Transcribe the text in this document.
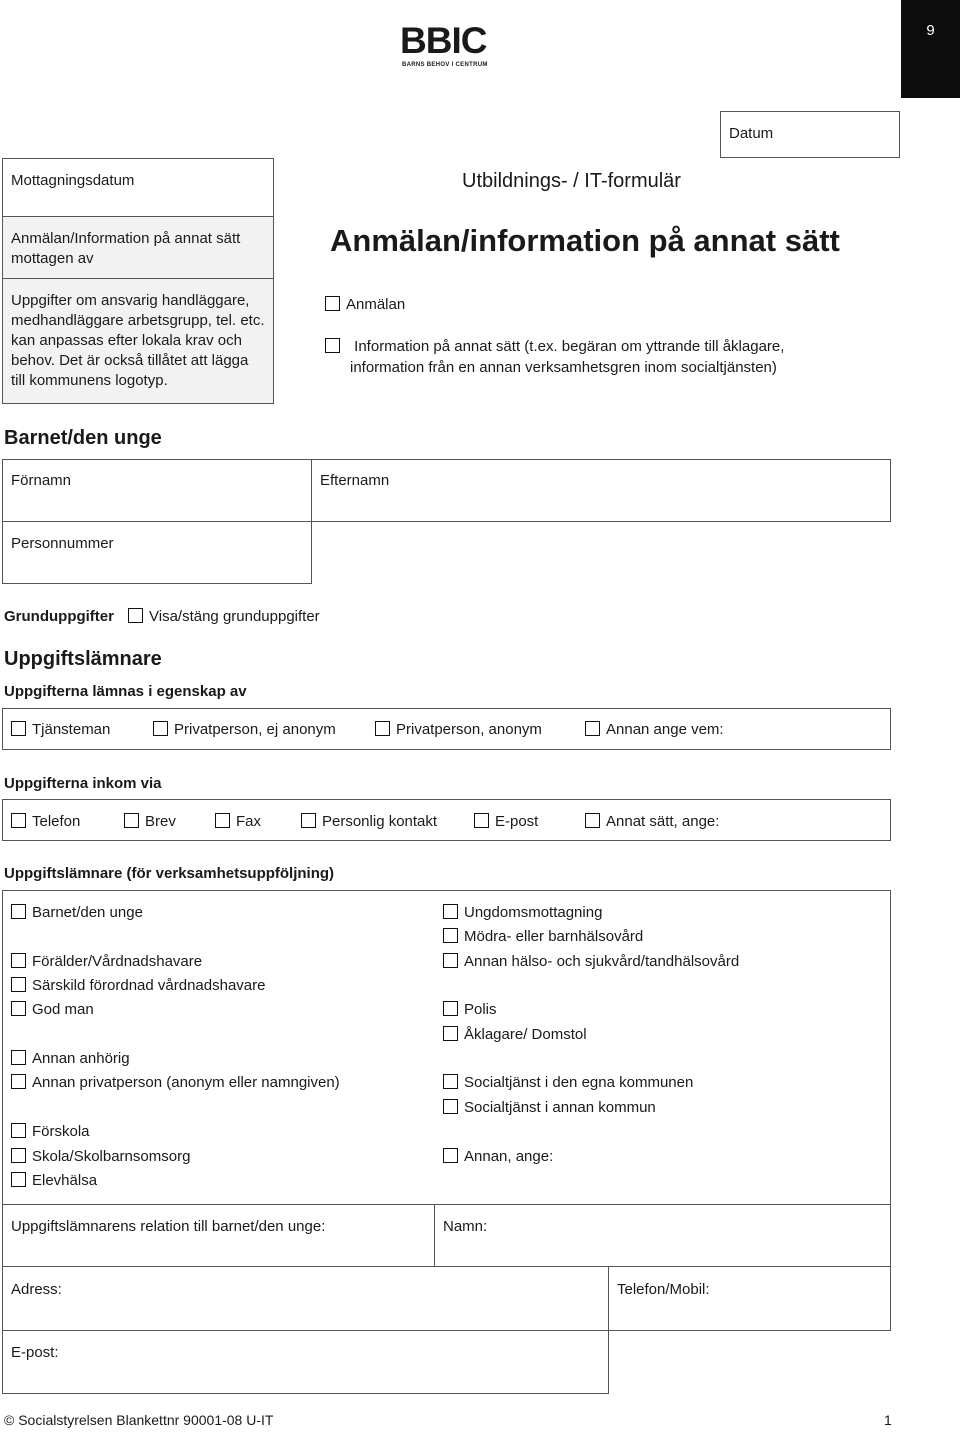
9
BBIC
BARNS BEHOV I CENTRUM
Datum
Mottagningsdatum
Anmälan/Information på annat sätt mottagen av
Uppgifter om ansvarig handläggare, medhandläggare arbetsgrupp, tel. etc. kan anpassas efter lokala krav och behov. Det är också tillåtet att lägga till kommunens logotyp.
Utbildnings- / IT-formulär
Anmälan/information på annat sätt
Anmälan
Information på annat sätt (t.ex. begäran om yttrande till åklagare,
information från en annan verksamhetsgren inom socialtjänsten)
Barnet/den unge
Förnamn	Efternamn
Personnummer
Grunduppgifter	Visa/stäng grunduppgifter
Uppgiftslämnare
Uppgifterna lämnas i egenskap av
Tjänsteman	Privatperson, ej anonym	Privatperson, anonym	Annan ange vem:
Uppgifterna inkom via
Telefon	Brev	Fax	Personlig kontakt	E-post	Annat sätt, ange:
Uppgiftslämnare (för verksamhetsuppföljning)
Barnet/den unge
Förälder/Vårdnadshavare
Särskild förordnad vårdnadshavare
God man
Annan anhörig
Annan privatperson (anonym eller namngiven)
Förskola
Skola/Skolbarnsomsorg
Elevhälsa
Ungdomsmottagning
Mödra- eller barnhälsovård
Annan hälso- och sjukvård/tandhälsovård
Polis
Åklagare/ Domstol
Socialtjänst i den egna kommunen
Socialtjänst i annan kommun
Annan, ange:
Uppgiftslämnarens relation till barnet/den unge:	Namn:
Adress:	Telefon/Mobil:
E-post:
© Socialstyrelsen Blankettnr 90001-08 U-IT	1
